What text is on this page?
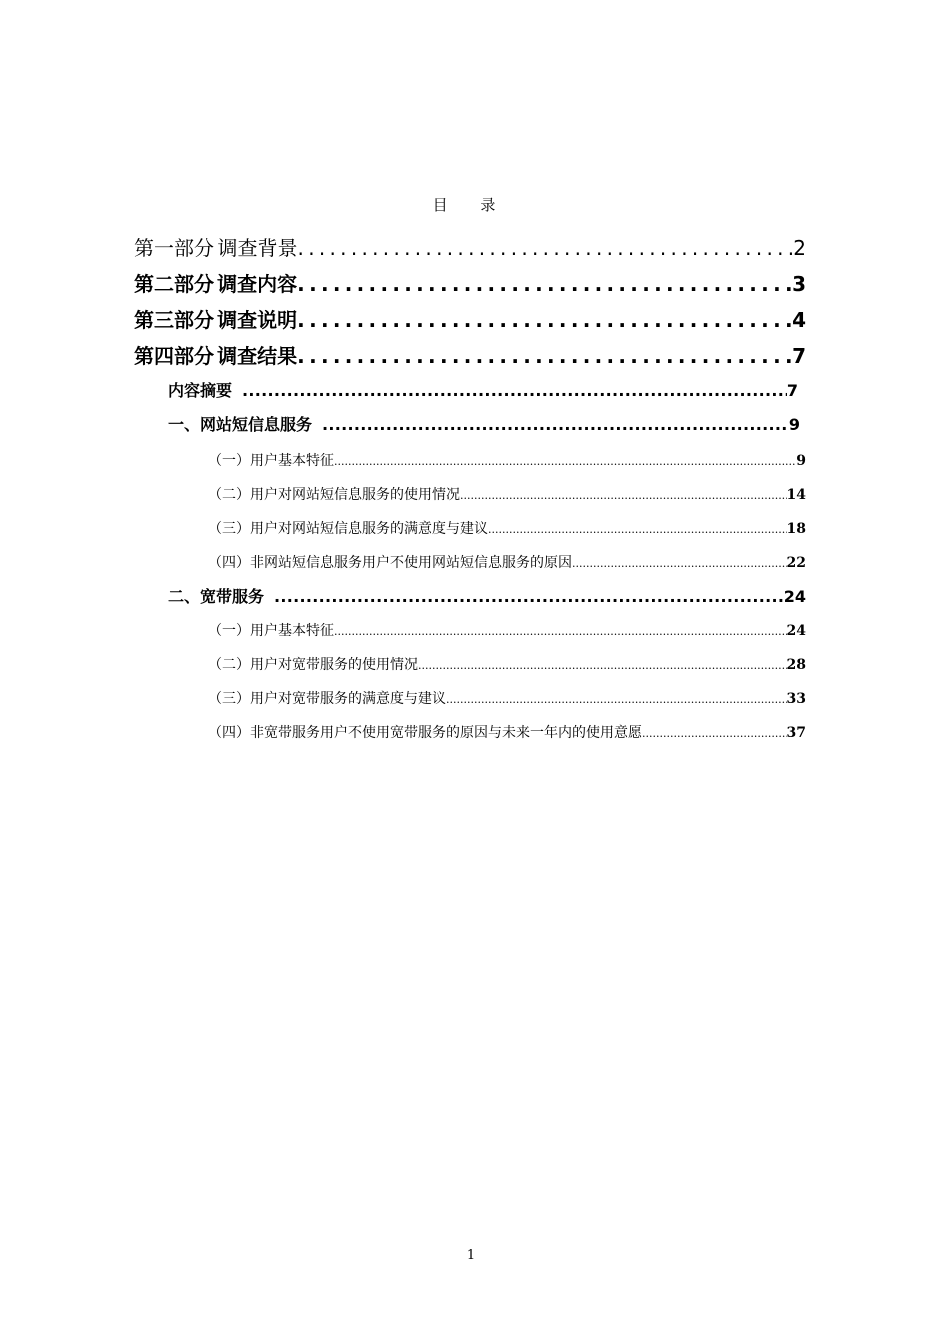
目 录
第一部分 调查背景 .....	2
第二部分 调查内容 .....	3
第三部分 调查说明 .....	4
第四部分 调查结果 .....	7
内容摘要 .....	7
一、网站短信息服务 .....	9
（一）用户基本特征 .....	9
（二）用户对网站短信息服务的使用情况 .....	14
（三）用户对网站短信息服务的满意度与建议 .....	18
（四）非网站短信息服务用户不使用网站短信息服务的原因 .....	22
二、宽带服务 .....	24
（一）用户基本特征 .....	24
（二）用户对宽带服务的使用情况 .....	28
（三）用户对宽带服务的满意度与建议 .....	33
（四）非宽带服务用户不使用宽带服务的原因与未来一年内的使用意愿 .....	37
1
